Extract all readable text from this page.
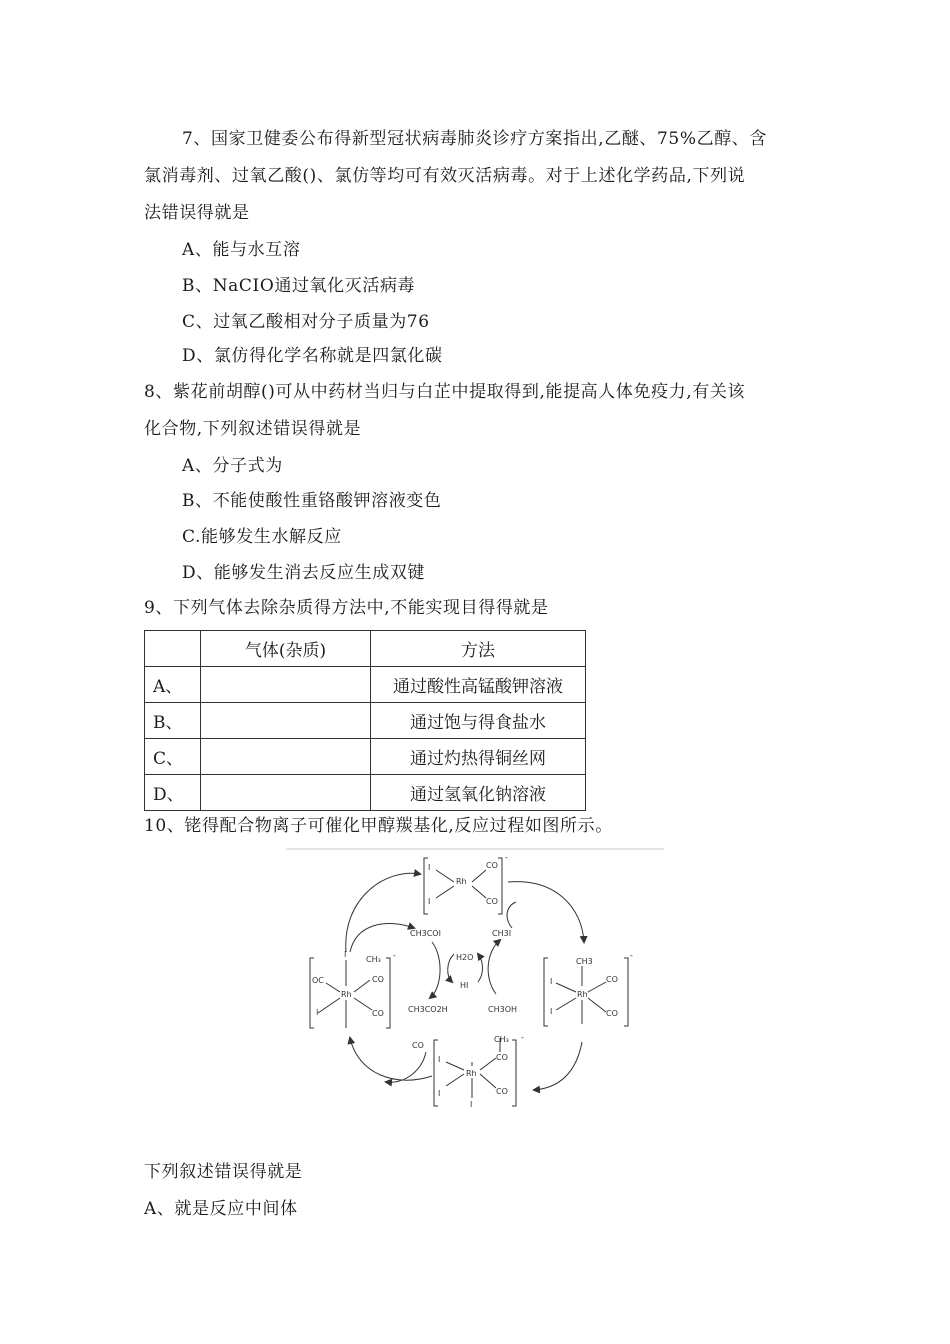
7、国家卫健委公布得新型冠状病毒肺炎诊疗方案指出,乙醚、75%乙醇、含
氯消毒剂、过氧乙酸()、氯仿等均可有效灭活病毒。对于上述化学药品,下列说
法错误得就是
A、能与水互溶
B、NaCIO通过氧化灭活病毒
C、过氧乙酸相对分子质量为76
D、氯仿得化学名称就是四氯化碳
8、紫花前胡醇()可从中药材当归与白芷中提取得到,能提高人体免疫力,有关该
化合物,下列叙述错误得就是
A、分子式为
B、不能使酸性重铬酸钾溶液变色
C.能够发生水解反应
D、能够发生消去反应生成双键
9、下列气体去除杂质得方法中,不能实现目得得就是
	气体(杂质)	方法
A、		通过酸性高锰酸钾溶液
B、		通过饱与得食盐水
C、		通过灼热得铜丝网
D、		通过氢氧化钠溶液
10、铑得配合物离子可催化甲醇羰基化,反应过程如图所示。
I
I
Rh
CO
CO
-
I
CH₃
CO
OC
Rh
I	CO
-
CH3
I
Rh
CO
I	CO
-
CH₃
CO
I
Rh
I	CO
I
-
CH3COI	CH3I
H2O
HI
CH3CO2H	CH3OH
CO
下列叙述错误得就是
A、就是反应中间体
